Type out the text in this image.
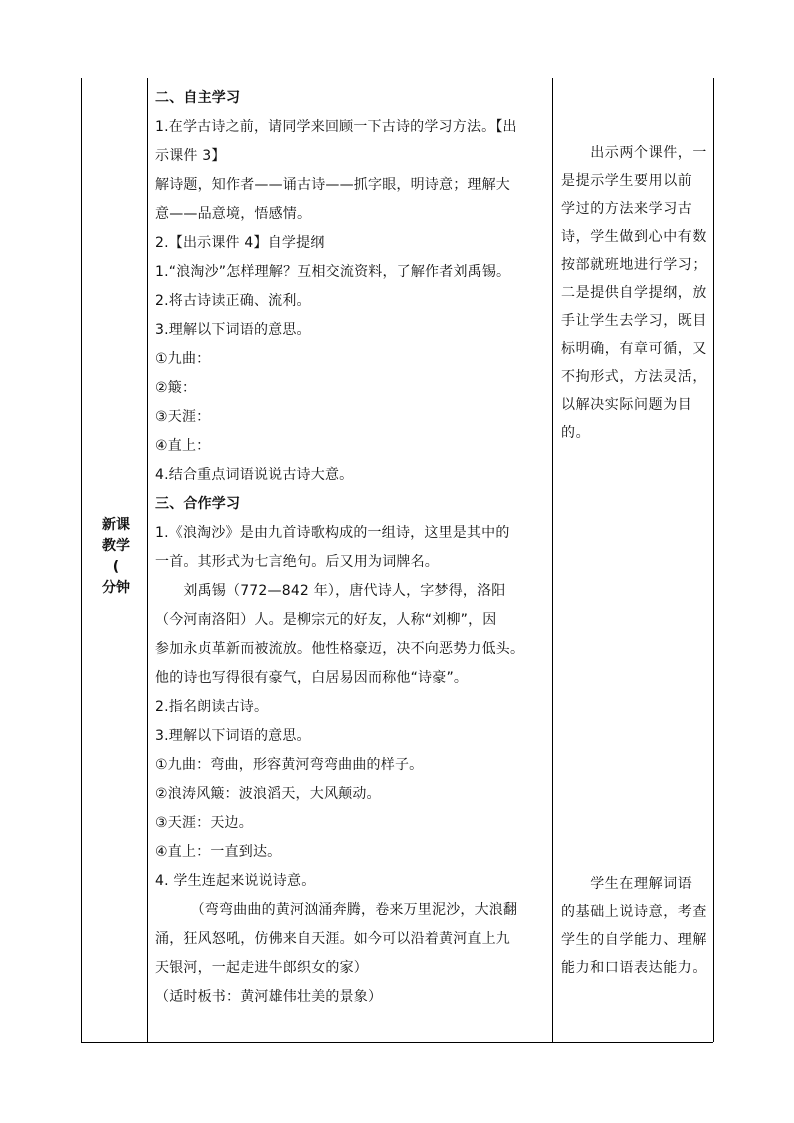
新课
教学
(
分钟
二、自主学习
1.在学古诗之前，请同学来回顾一下古诗的学习方法。【出
示课件 3】
解诗题，知作者——诵古诗——抓字眼，明诗意；理解大
意——品意境，悟感情。
2.【出示课件 4】自学提纲
1.“浪淘沙”怎样理解？互相交流资料，了解作者刘禹锡。
2.将古诗读正确、流利。
3.理解以下词语的意思。
①九曲：
②簸：
③天涯：
④直上：
4.结合重点词语说说古诗大意。
三、合作学习
1.《浪淘沙》是由九首诗歌构成的一组诗，这里是其中的
一首。其形式为七言绝句。后又用为词牌名。
　　刘禹锡（772—842 年），唐代诗人，字梦得，洛阳
（今河南洛阳）人。是柳宗元的好友，人称“刘柳”，因
参加永贞革新而被流放。他性格豪迈，决不向恶势力低头。
他的诗也写得很有豪气，白居易因而称他“诗豪”。
2.指名朗读古诗。
3.理解以下词语的意思。
①九曲：弯曲，形容黄河弯弯曲曲的样子。
②浪涛风簸：波浪滔天，大风颠动。
③天涯：天边。
④直上：一直到达。
4. 学生连起来说说诗意。
　　　（弯弯曲曲的黄河汹涌奔腾，卷来万里泥沙，大浪翻
涌，狂风怒吼，仿佛来自天涯。如今可以沿着黄河直上九
天银河，一起走进牛郎织女的家）
（适时板书：黄河雄伟壮美的景象）
　　出示两个课件，一
是提示学生要用以前
学过的方法来学习古
诗，学生做到心中有数
按部就班地进行学习；
二是提供自学提纲，放
手让学生去学习，既目
标明确，有章可循，又
不拘形式，方法灵活，
以解决实际问题为目
的。
　　学生在理解词语
的基础上说诗意，考查
学生的自学能力、理解
能力和口语表达能力。
